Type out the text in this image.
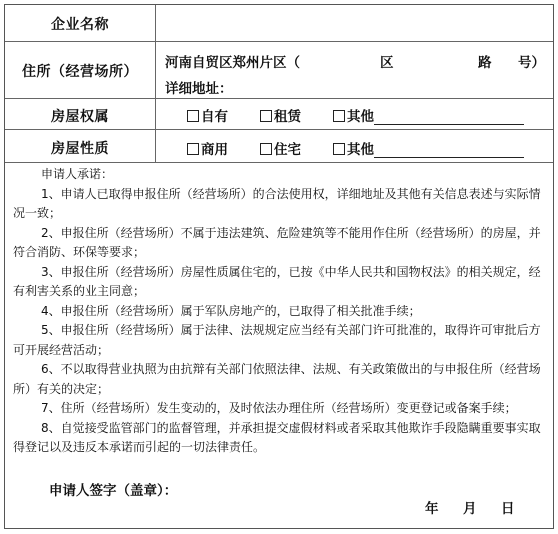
企业名称
住所（经营场所）
河南自贸区郑州片区（	区	路 号）
详细地址：
房屋权属	自有	租赁	其他
房屋性质	商用	住宅	其他

申请人承诺：

1、申请人已取得申报住所（经营场所）的合法使用权，详细地址及其他有关信息表述与实际情况一致；

2、申报住所（经营场所）不属于违法建筑、危险建筑等不能用作住所（经营场所）的房屋，并符合消防、环保等要求；

3、申报住所（经营场所）房屋性质属住宅的，已按《中华人民共和国物权法》的相关规定，经有利害关系的业主同意；

4、申报住所（经营场所）属于军队房地产的，已取得了相关批准手续；

5、申报住所（经营场所）属于法律、法规规定应当经有关部门许可批准的，取得许可审批后方可开展经营活动；

6、不以取得营业执照为由抗辩有关部门依照法律、法规、有关政策做出的与申报住所（经营场所）有关的决定；

7、住所（经营场所）发生变动的，及时依法办理住所（经营场所）变更登记或备案手续；

8、自觉接受监管部门的监督管理，并承担提交虚假材料或者采取其他欺诈手段隐瞒重要事实取得登记以及违反本承诺而引起的一切法律责任。

申请人签字（盖章）：
年 月 日
